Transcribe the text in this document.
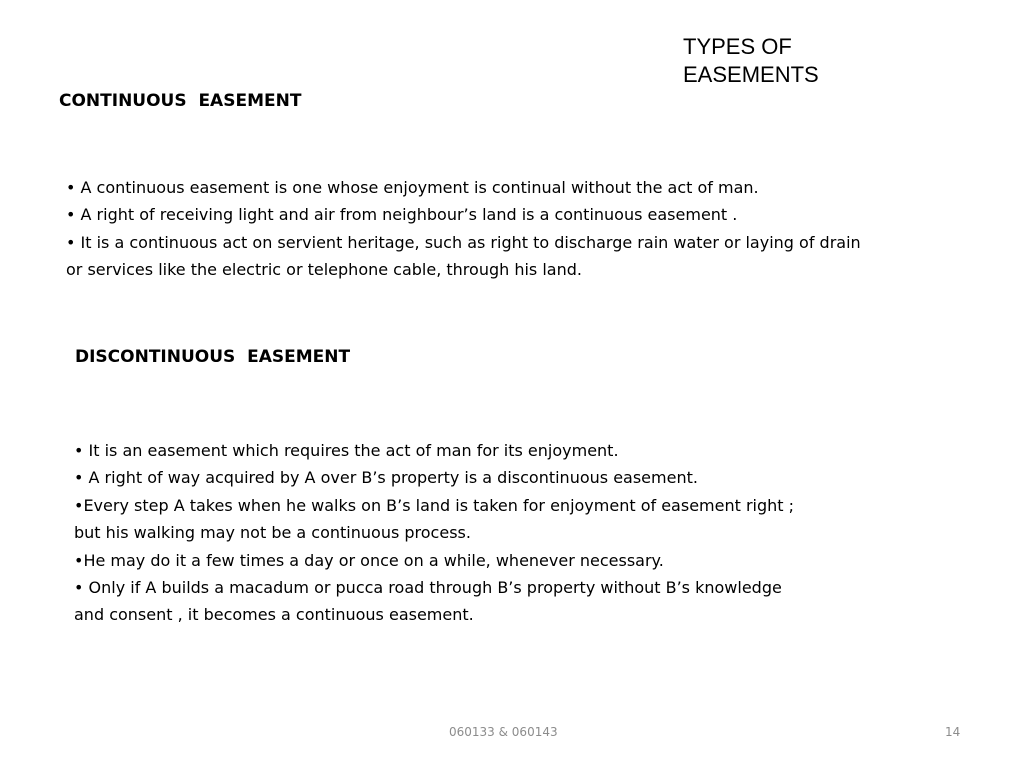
TYPES OF
EASEMENTS
CONTINUOUS  EASEMENT
• A continuous easement is one whose enjoyment is continual without the act of man.
• A right of receiving light and air from neighbour’s land is a continuous easement .
• It is a continuous act on servient heritage, such as right to discharge rain water or laying of drain
or services like the electric or telephone cable, through his land.
DISCONTINUOUS  EASEMENT
• It is an easement which requires the act of man for its enjoyment.
• A right of way acquired by A over B’s property is a discontinuous easement.
•Every step A takes when he walks on B’s land is taken for enjoyment of easement right ;
but his walking may not be a continuous process.
•He may do it a few times a day or once on a while, whenever necessary.
• Only if A builds a macadum or pucca road through B’s property without B’s knowledge
and consent , it becomes a continuous easement.
060133 & 060143	14
